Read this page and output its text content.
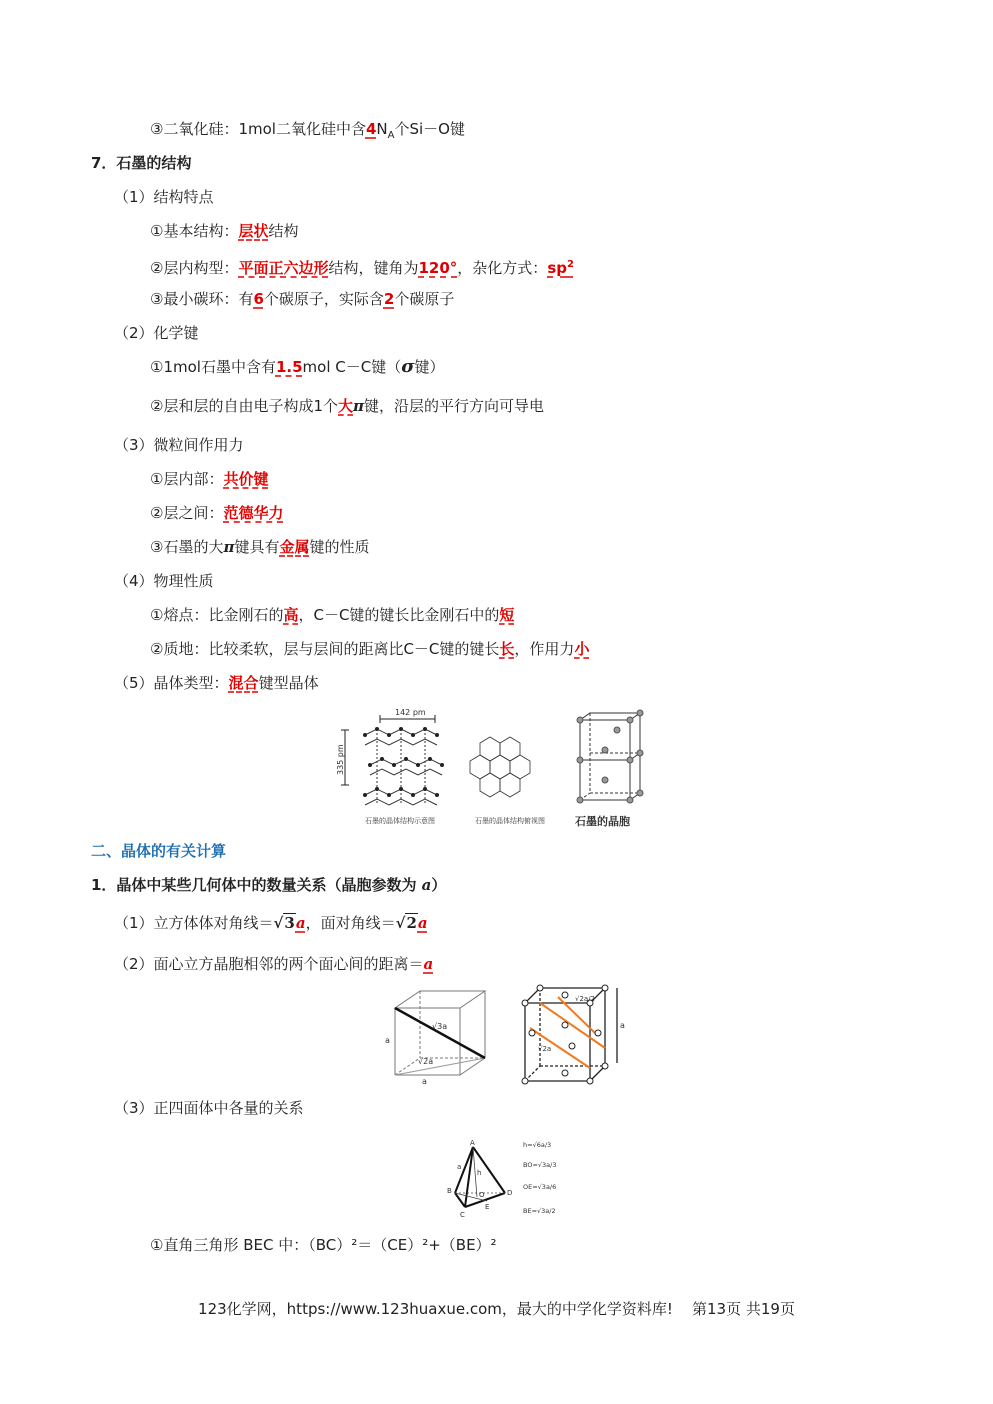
③二氧化硅：1mol二氧化硅中含$4N_A$个Si－O键
7．石墨的结构
（1）结构特点
①基本结构：层状结构
②层内构型：平面正六边形结构，键角为120°，杂化方式：$sp^2$
③最小碳环：有6个碳原子，实际含2个碳原子
（2）化学键
①1mol石墨中含有1.5mol C－C键（σ键）
②层和层的自由电子构成1个大π键，沿层的平行方向可导电
（3）微粒间作用力
①层内部：共价键
②层之间：范德华力
③石墨的大π键具有金属键的性质
（4）物理性质
①熔点：比金刚石的高，C－C键的键长比金刚石中的短
②质地：比较柔软，层与层间的距离比C－C键的键长长，作用力小
（5）晶体类型：混合键型晶体
142 pm
335 pm
石墨的晶体结构示意图	石墨的晶体结构俯视图	石墨的晶胞
二、晶体的有关计算
1．晶体中某些几何体中的数量关系（晶胞参数为 a）
（1）立方体体对角线＝√3a，面对角线＝√2a
（2）面心立方晶胞相邻的两个面心间的距离＝a
a
√3a
√2a
a
√2a/2
√2a
a
（3）正四面体中各量的关系
A
B
C
D
E
O
h
a
h=√6a/3
BO=√3a/3
OE=√3a/6
BE=√3a/2
①直角三角形 BEC 中：（BC）²＝（CE）²+（BE）²
123化学网，https://www.123huaxue.com，最大的中学化学资料库! 第13页 共19页
